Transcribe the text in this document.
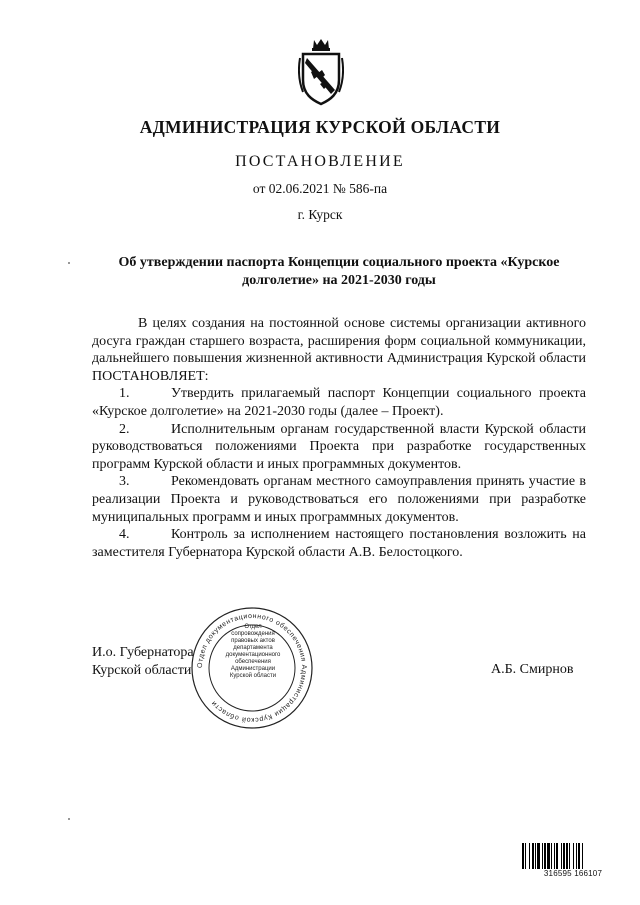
АДМИНИСТРАЦИЯ КУРСКОЙ ОБЛАСТИ
ПОСТАНОВЛЕНИЕ
от 02.06.2021 № 586-па
г. Курск
Об утверждении паспорта Концепции социального проекта «Курское
долголетие» на 2021-2030 годы

В целях создания на постоянной основе системы организации активного досуга граждан старшего возраста, расширения форм социальной коммуникации, дальнейшего повышения жизненной активности Администрация Курской области ПОСТАНОВЛЯЕТ:

1.	Утвердить прилагаемый паспорт Концепции социального проекта «Курское долголетие» на 2021-2030 годы (далее – Проект).

2.	Исполнительным органам государственной власти Курской области руководствоваться положениями Проекта при разработке государственных программ Курской области и иных программных документов.

3.	Рекомендовать органам местного самоуправления принять участие в реализации Проекта и руководствоваться его положениями при разработке муниципальных программ и иных программных документов.

4.	Контроль за исполнением настоящего постановления возложить на заместителя Губернатора Курской области А.В. Белостоцкого.

И.о. Губернатора
Курской области	А.Б. Смирнов
Отдел документационного обеспечения Администрации Курской области
Отдел
сопровождения
правовых актов
департамента
документационного
обеспечения
Администрации
Курской области
316595 166107
